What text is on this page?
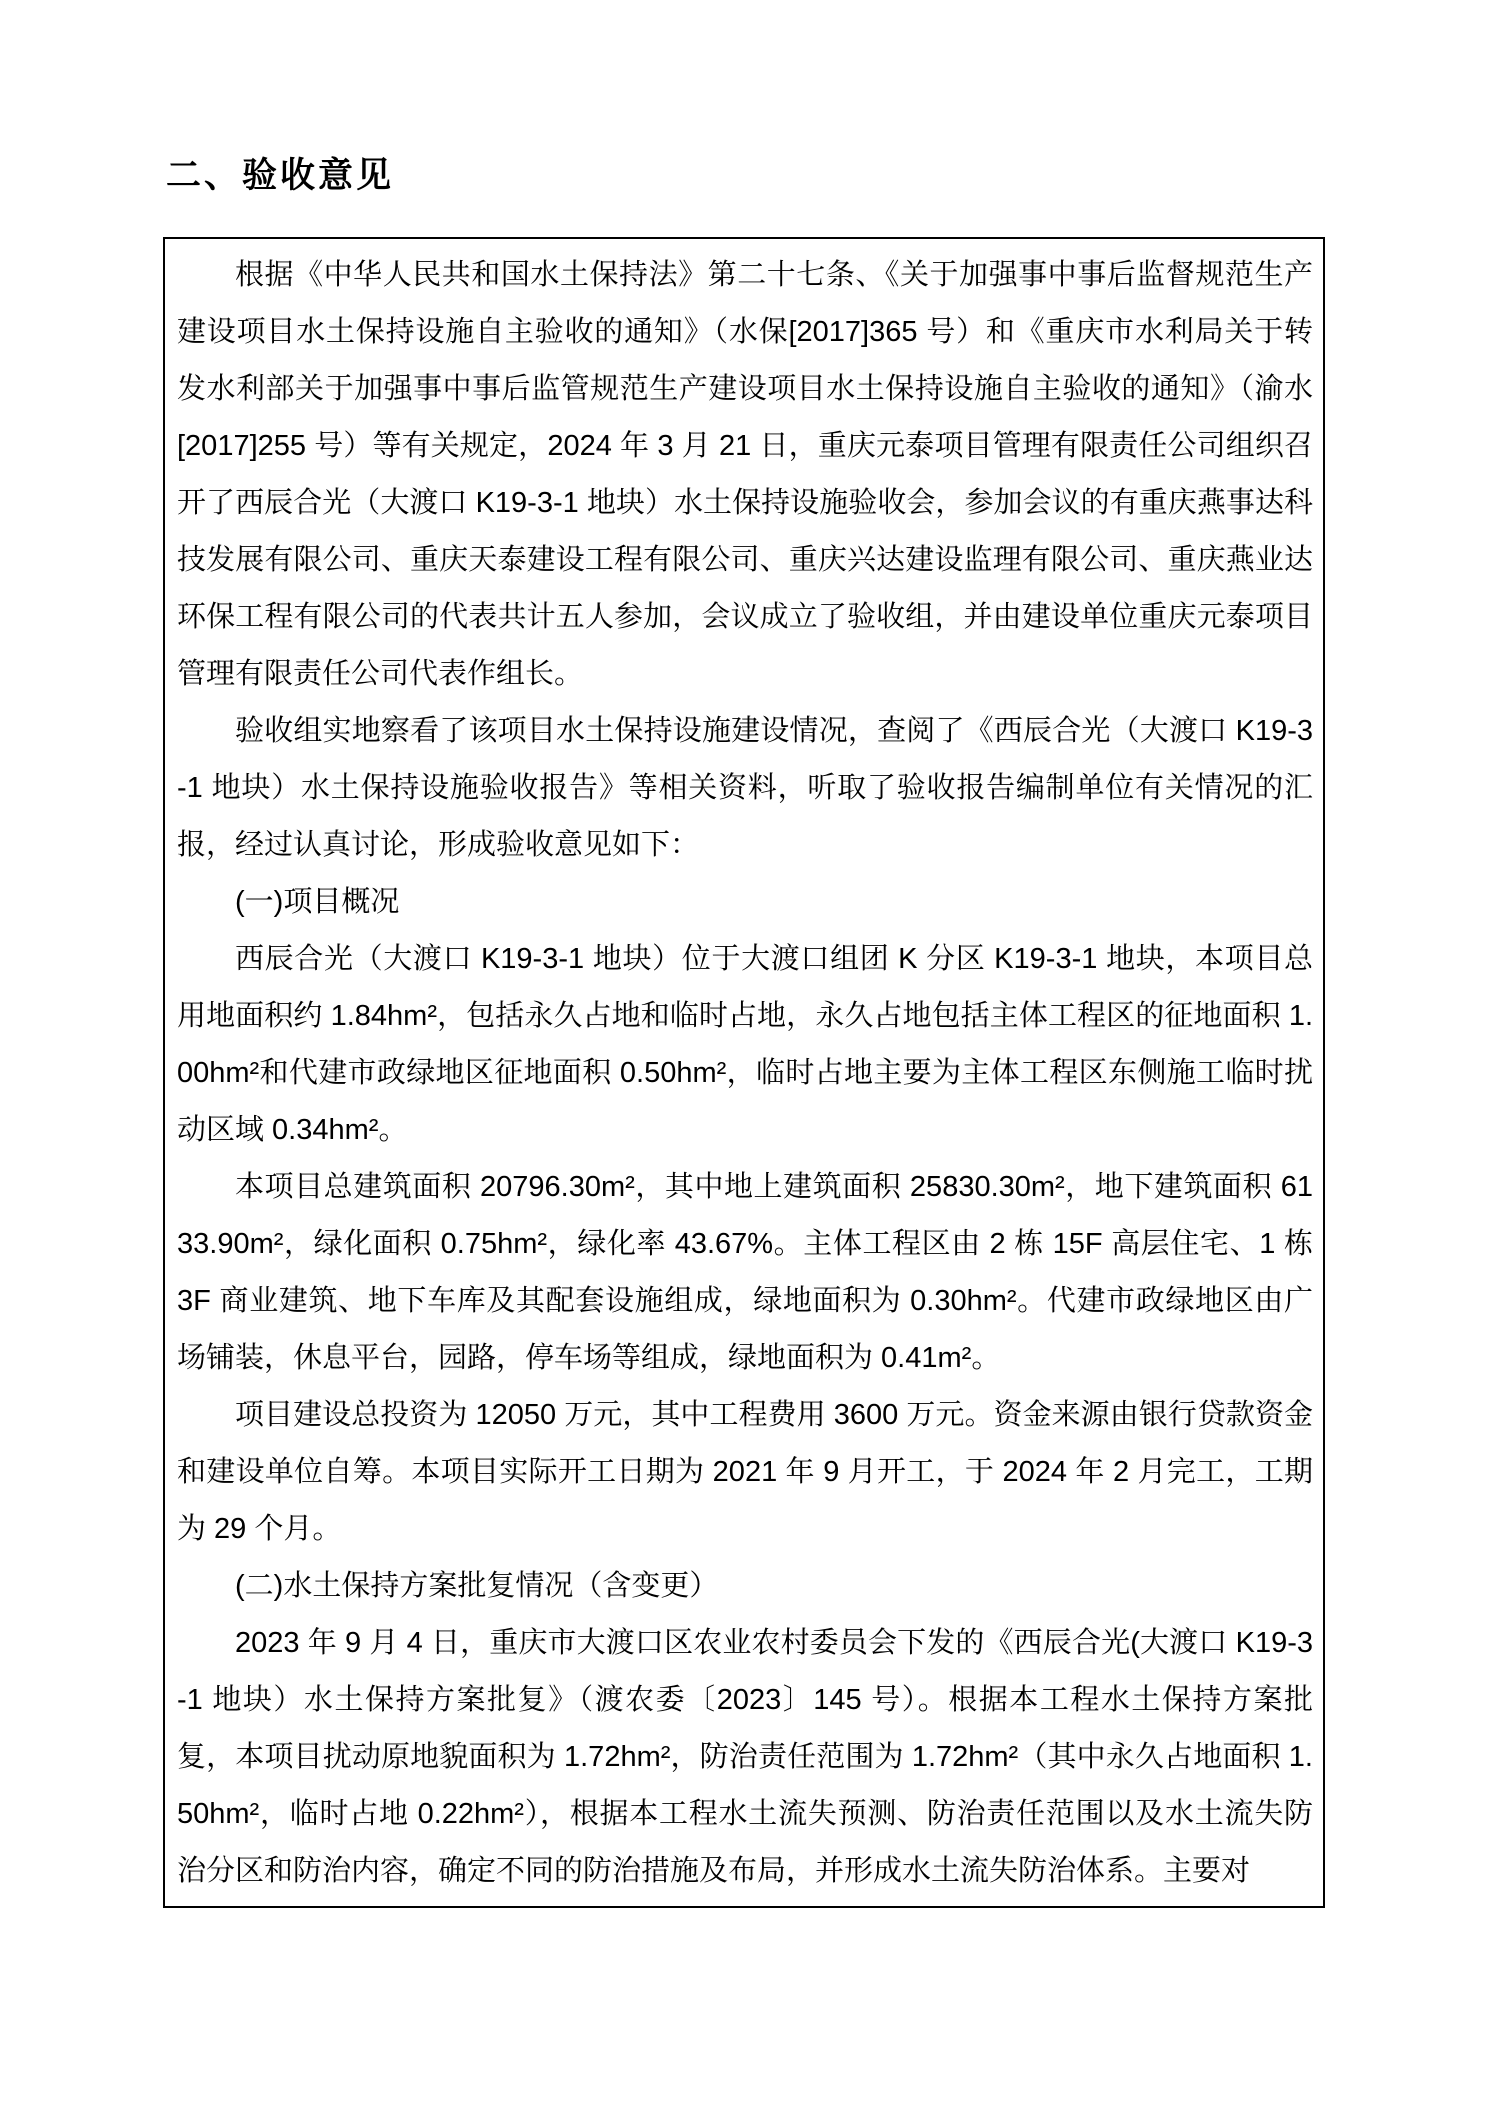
二、验收意见

根据《中华人民共和国水土保持法》第二十七条、《关于加强事中事后监督规范生产建设项目水土保持设施自主验收的通知》（水保[2017]365 号）和《重庆市水利局关于转发水利部关于加强事中事后监管规范生产建设项目水土保持设施自主验收的通知》（渝水[2017]255 号）等有关规定，2024 年 3 月 21 日，重庆元泰项目管理有限责任公司组织召开了西辰合光（大渡口 K19-3-1 地块）水土保持设施验收会，参加会议的有重庆燕事达科技发展有限公司、重庆天泰建设工程有限公司、重庆兴达建设监理有限公司、重庆燕业达环保工程有限公司的代表共计五人参加，会议成立了验收组，并由建设单位重庆元泰项目管理有限责任公司代表作组长。

验收组实地察看了该项目水土保持设施建设情况，查阅了《西辰合光（大渡口 K19-3-1 地块）水土保持设施验收报告》等相关资料，听取了验收报告编制单位有关情况的汇报，经过认真讨论，形成验收意见如下：

(一)项目概况

西辰合光（大渡口 K19-3-1 地块）位于大渡口组团 K 分区 K19-3-1 地块，本项目总用地面积约 1.84hm²，包括永久占地和临时占地，永久占地包括主体工程区的征地面积 1.00hm²和代建市政绿地区征地面积 0.50hm²，临时占地主要为主体工程区东侧施工临时扰动区域 0.34hm²。

本项目总建筑面积 20796.30m²，其中地上建筑面积 25830.30m²，地下建筑面积 6133.90m²，绿化面积 0.75hm²，绿化率 43.67%。主体工程区由 2 栋 15F 高层住宅、1 栋 3F 商业建筑、地下车库及其配套设施组成，绿地面积为 0.30hm²。代建市政绿地区由广场铺装，休息平台，园路，停车场等组成，绿地面积为 0.41m²。

项目建设总投资为 12050 万元，其中工程费用 3600 万元。资金来源由银行贷款资金和建设单位自筹。本项目实际开工日期为 2021 年 9 月开工，于 2024 年 2 月完工，工期为 29 个月。

(二)水土保持方案批复情况（含变更）

2023 年 9 月 4 日，重庆市大渡口区农业农村委员会下发的《西辰合光(大渡口 K19-3-1 地块）水土保持方案批复》（渡农委〔2023〕145 号）。根据本工程水土保持方案批复，本项目扰动原地貌面积为 1.72hm²，防治责任范围为 1.72hm²（其中永久占地面积 1.50hm²，临时占地 0.22hm²），根据本工程水土流失预测、防治责任范围以及水土流失防治分区和防治内容，确定不同的防治措施及布局，并形成水土流失防治体系。主要对
